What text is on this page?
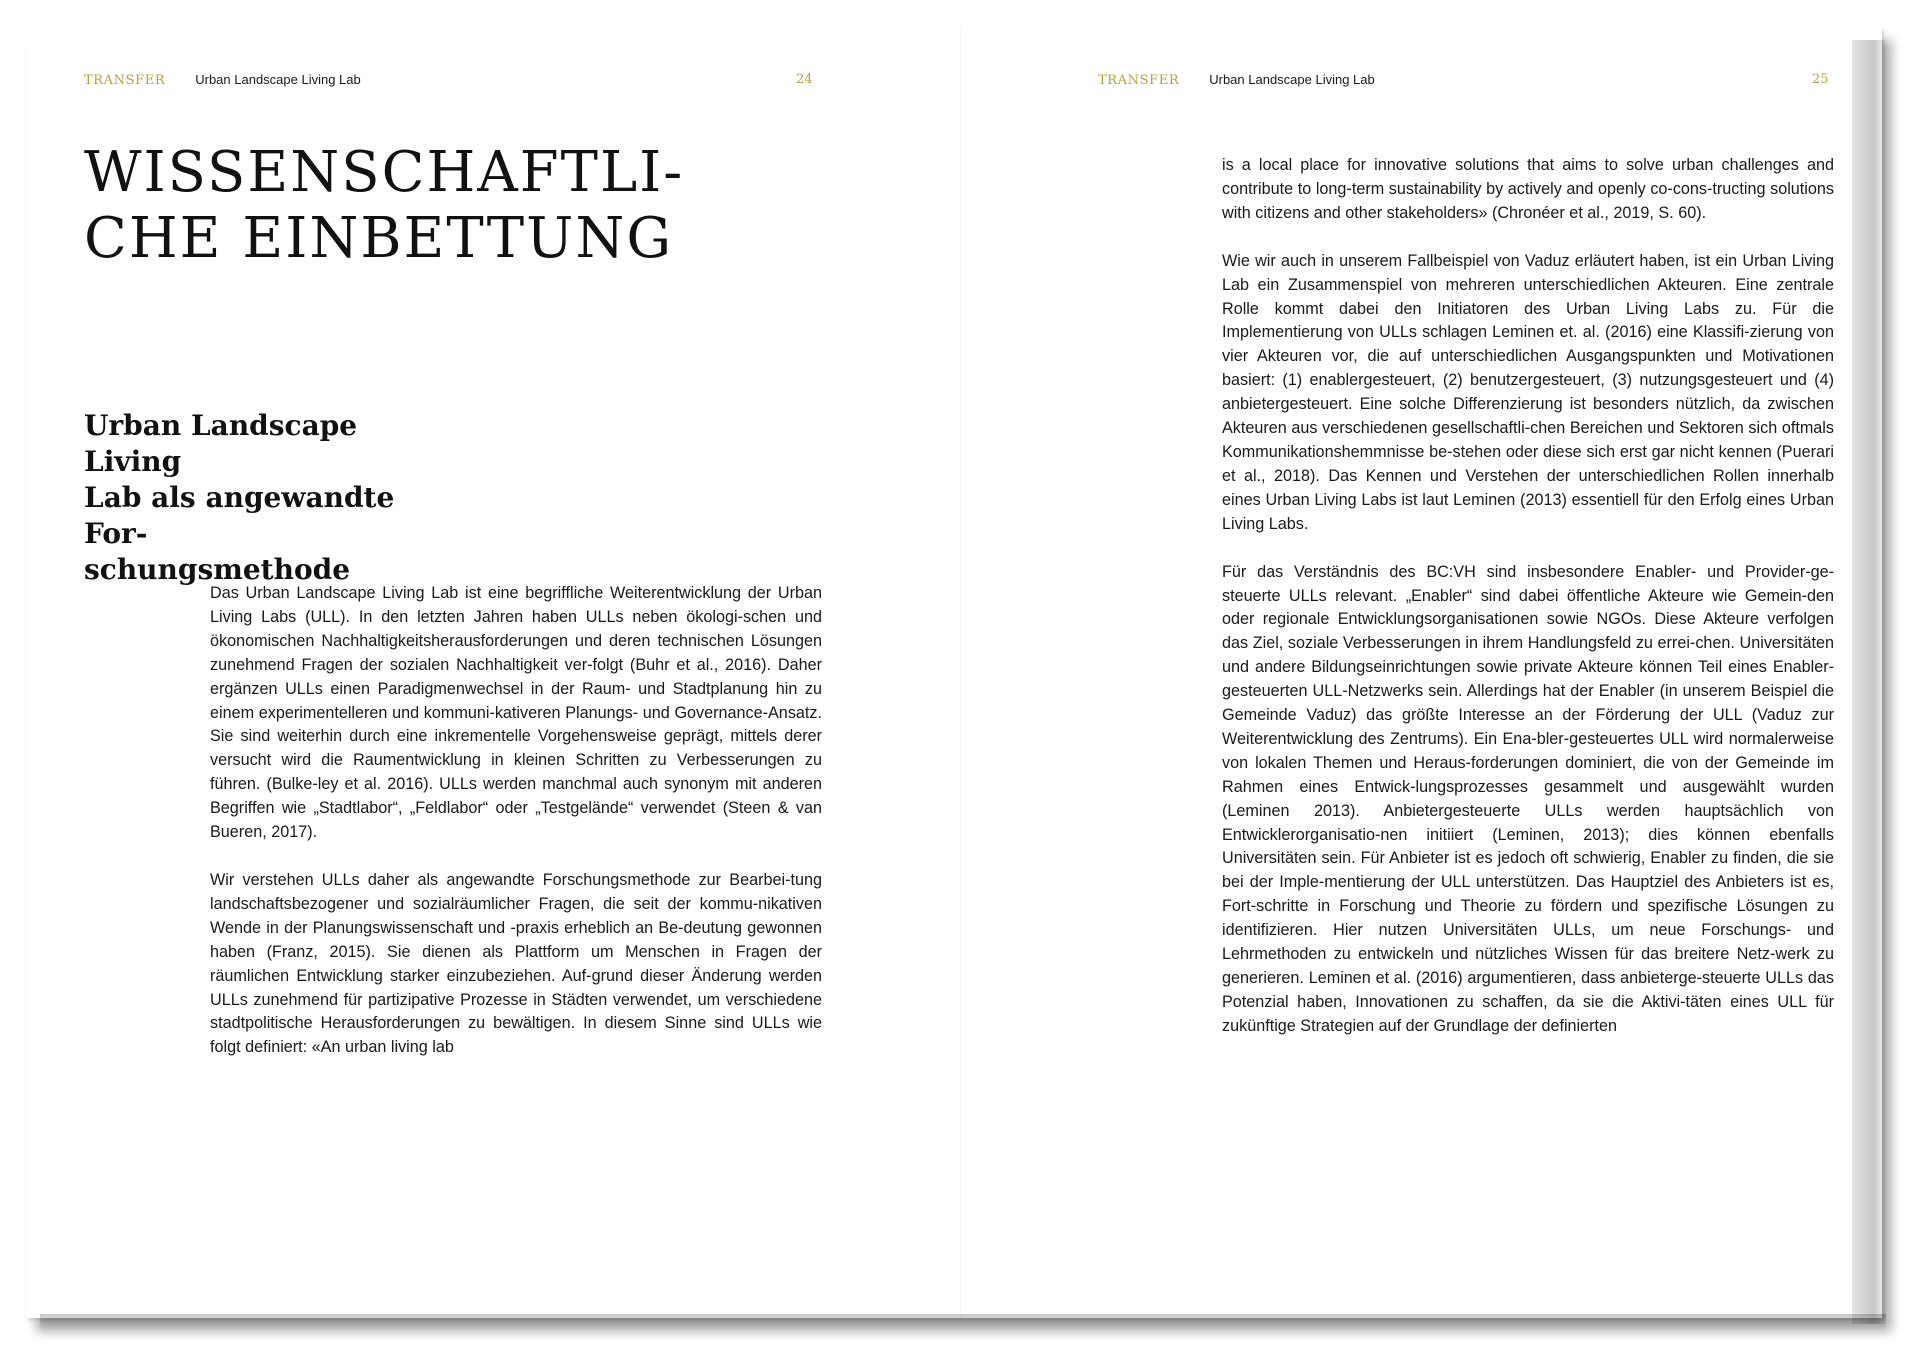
TRANSFER Urban Landscape Living Lab	24
WISSENSCHAFTLI-
CHE EINBETTUNG
Urban Landscape Living
Lab als angewandte For-
schungsmethode

Das Urban Landscape Living Lab ist eine begriffliche Weiterentwicklung der Urban Living Labs (ULL). In den letzten Jahren haben ULLs neben ökologi-schen und ökonomischen Nachhaltigkeitsherausforderungen und deren technischen Lösungen zunehmend Fragen der sozialen Nachhaltigkeit ver-folgt (Buhr et al., 2016). Daher ergänzen ULLs einen Paradigmenwechsel in der Raum- und Stadtplanung hin zu einem experimentelleren und kommuni-kativeren Planungs- und Governance-Ansatz. Sie sind weiterhin durch eine inkrementelle Vorgehensweise geprägt, mittels derer versucht wird die Raumentwicklung in kleinen Schritten zu Verbesserungen zu führen. (Bulke-ley et al. 2016). ULLs werden manchmal auch synonym mit anderen Begriffen wie „Stadtlabor“, „Feldlabor“ oder „Testgelände“ verwendet (Steen & van Bueren, 2017).

Wir verstehen ULLs daher als angewandte Forschungsmethode zur Bearbei-tung landschaftsbezogener und sozialräumlicher Fragen, die seit der kommu-nikativen Wende in der Planungswissenschaft und -praxis erheblich an Be-deutung gewonnen haben (Franz, 2015). Sie dienen als Plattform um Menschen in Fragen der räumlichen Entwicklung starker einzubeziehen. Auf-grund dieser Änderung werden ULLs zunehmend für partizipative Prozesse in Städten verwendet, um verschiedene stadtpolitische Herausforderungen zu bewältigen. In diesem Sinne sind ULLs wie folgt definiert: «An urban living lab

TRANSFER Urban Landscape Living Lab	25

is a local place for innovative solutions that aims to solve urban challenges and contribute to long-term sustainability by actively and openly co-cons-tructing solutions with citizens and other stakeholders» (Chronéer et al., 2019, S. 60).

Wie wir auch in unserem Fallbeispiel von Vaduz erläutert haben, ist ein Urban Living Lab ein Zusammenspiel von mehreren unterschiedlichen Akteuren. Eine zentrale Rolle kommt dabei den Initiatoren des Urban Living Labs zu. Für die Implementierung von ULLs schlagen Leminen et. al. (2016) eine Klassifi-zierung von vier Akteuren vor, die auf unterschiedlichen Ausgangspunkten und Motivationen basiert: (1) enablergesteuert, (2) benutzergesteuert, (3) nutzungsgesteuert und (4) anbietergesteuert. Eine solche Differenzierung ist besonders nützlich, da zwischen Akteuren aus verschiedenen gesellschaftli-chen Bereichen und Sektoren sich oftmals Kommunikationshemmnisse be-stehen oder diese sich erst gar nicht kennen (Puerari et al., 2018). Das Kennen und Verstehen der unterschiedlichen Rollen innerhalb eines Urban Living Labs ist laut Leminen (2013) essentiell für den Erfolg eines Urban Living Labs.

Für das Verständnis des BC:VH sind insbesondere Enabler- und Provider-ge-steuerte ULLs relevant. „Enabler“ sind dabei öffentliche Akteure wie Gemein-den oder regionale Entwicklungsorganisationen sowie NGOs. Diese Akteure verfolgen das Ziel, soziale Verbesserungen in ihrem Handlungsfeld zu errei-chen. Universitäten und andere Bildungseinrichtungen sowie private Akteure können Teil eines Enabler-gesteuerten ULL-Netzwerks sein. Allerdings hat der Enabler (in unserem Beispiel die Gemeinde Vaduz) das größte Interesse an der Förderung der ULL (Vaduz zur Weiterentwicklung des Zentrums). Ein Ena-bler-gesteuertes ULL wird normalerweise von lokalen Themen und Heraus-forderungen dominiert, die von der Gemeinde im Rahmen eines Entwick-lungsprozesses gesammelt und ausgewählt wurden (Leminen 2013). Anbietergesteuerte ULLs werden hauptsächlich von Entwicklerorganisatio-nen initiiert (Leminen, 2013); dies können ebenfalls Universitäten sein. Für Anbieter ist es jedoch oft schwierig, Enabler zu finden, die sie bei der Imple-mentierung der ULL unterstützen. Das Hauptziel des Anbieters ist es, Fort-schritte in Forschung und Theorie zu fördern und spezifische Lösungen zu identifizieren. Hier nutzen Universitäten ULLs, um neue Forschungs- und Lehrmethoden zu entwickeln und nützliches Wissen für das breitere Netz-werk zu generieren. Leminen et al. (2016) argumentieren, dass anbieterge-steuerte ULLs das Potenzial haben, Innovationen zu schaffen, da sie die Aktivi-täten eines ULL für zukünftige Strategien auf der Grundlage der definierten
